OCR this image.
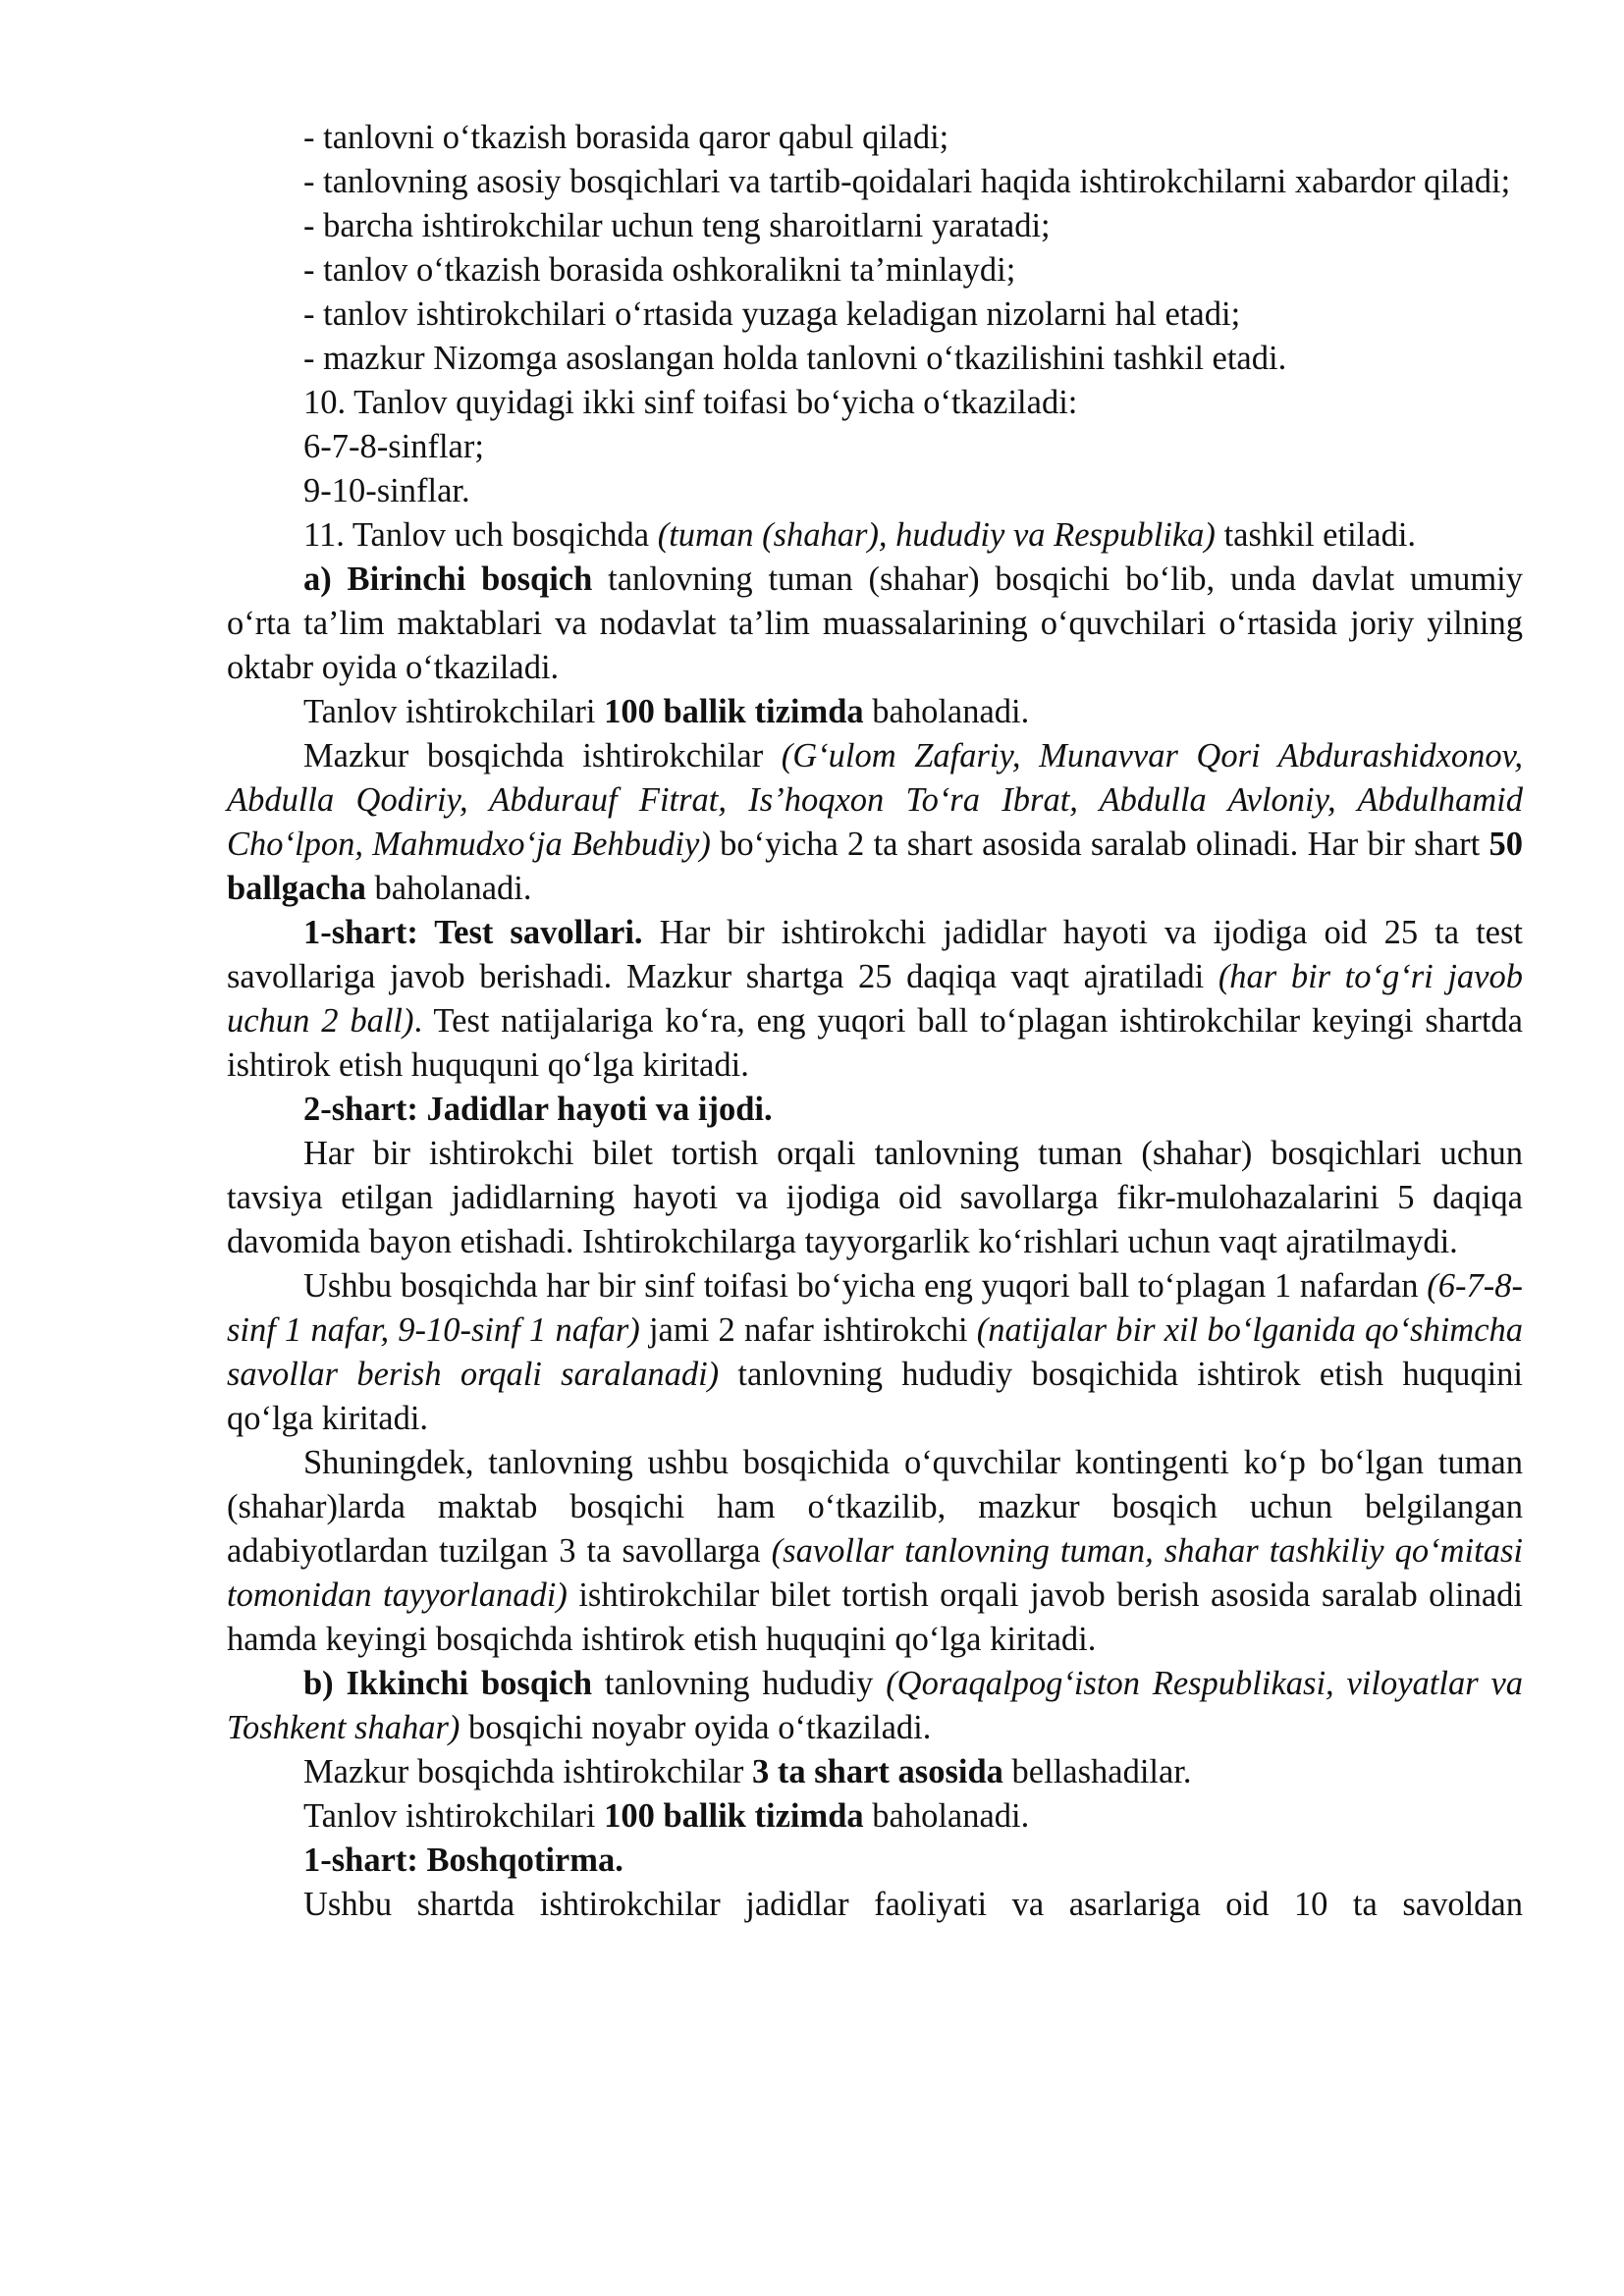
- tanlovni o‘tkazish borasida qaror qabul qiladi;

- tanlovning asosiy bosqichlari va tartib-qoidalari haqida ishtirokchilarni xabardor qiladi;

- barcha ishtirokchilar uchun teng sharoitlarni yaratadi;

- tanlov o‘tkazish borasida oshkoralikni ta’minlaydi;

- tanlov ishtirokchilari o‘rtasida yuzaga keladigan nizolarni hal etadi;

- mazkur Nizomga asoslangan holda tanlovni o‘tkazilishini tashkil etadi.

10. Tanlov quyidagi ikki sinf toifasi bo‘yicha o‘tkaziladi:

6-7-8-sinflar;

9-10-sinflar.

11. Tanlov uch bosqichda (tuman (shahar), hududiy va Respublika) tashkil etiladi.

a) Birinchi bosqich tanlovning tuman (shahar) bosqichi bo‘lib, unda davlat umumiy o‘rta ta’lim maktablari va nodavlat ta’lim muassalarining o‘quvchilari o‘rtasida joriy yilning oktabr oyida o‘tkaziladi.

Tanlov ishtirokchilari 100 ballik tizimda baholanadi.

Mazkur bosqichda ishtirokchilar (G‘ulom Zafariy, Munavvar Qori Abdurashidxonov, Abdulla Qodiriy, Abdurauf Fitrat, Is’hoqxon To‘ra Ibrat, Abdulla Avloniy, Abdulhamid Cho‘lpon, Mahmudxo‘ja Behbudiy) bo‘yicha 2 ta shart asosida saralab olinadi. Har bir shart 50 ballgacha baholanadi.

1-shart: Test savollari. Har bir ishtirokchi jadidlar hayoti va ijodiga oid 25 ta test savollariga javob berishadi. Mazkur shartga 25 daqiqa vaqt ajratiladi (har bir to‘g‘ri javob uchun 2 ball). Test natijalariga ko‘ra, eng yuqori ball to‘plagan ishtirokchilar keyingi shartda ishtirok etish huququni qo‘lga kiritadi.

2-shart: Jadidlar hayoti va ijodi.

Har bir ishtirokchi bilet tortish orqali tanlovning tuman (shahar) bosqichlari uchun tavsiya etilgan jadidlarning hayoti va ijodiga oid savollarga fikr-mulohazalarini 5 daqiqa davomida bayon etishadi. Ishtirokchilarga tayyorgarlik ko‘rishlari uchun vaqt ajratilmaydi.

Ushbu bosqichda har bir sinf toifasi bo‘yicha eng yuqori ball to‘plagan 1 nafardan (6-7-8-sinf 1 nafar, 9-10-sinf 1 nafar) jami 2 nafar ishtirokchi (natijalar bir xil bo‘lganida qo‘shimcha savollar berish orqali saralanadi) tanlovning hududiy bosqichida ishtirok etish huquqini qo‘lga kiritadi.

Shuningdek, tanlovning ushbu bosqichida o‘quvchilar kontingenti ko‘p bo‘lgan tuman (shahar)larda maktab bosqichi ham o‘tkazilib, mazkur bosqich uchun belgilangan adabiyotlardan tuzilgan 3 ta savollarga (savollar tanlovning tuman, shahar tashkiliy qo‘mitasi tomonidan tayyorlanadi) ishtirokchilar bilet tortish orqali javob berish asosida saralab olinadi hamda keyingi bosqichda ishtirok etish huquqini qo‘lga kiritadi.

b) Ikkinchi bosqich tanlovning hududiy (Qoraqalpog‘iston Respublikasi, viloyatlar va Toshkent shahar) bosqichi noyabr oyida o‘tkaziladi.

Mazkur bosqichda ishtirokchilar 3 ta shart asosida bellashadilar.

Tanlov ishtirokchilari 100 ballik tizimda baholanadi.

1-shart: Boshqotirma.

Ushbu shartda ishtirokchilar jadidlar faoliyati va asarlariga oid 10 ta savoldan
